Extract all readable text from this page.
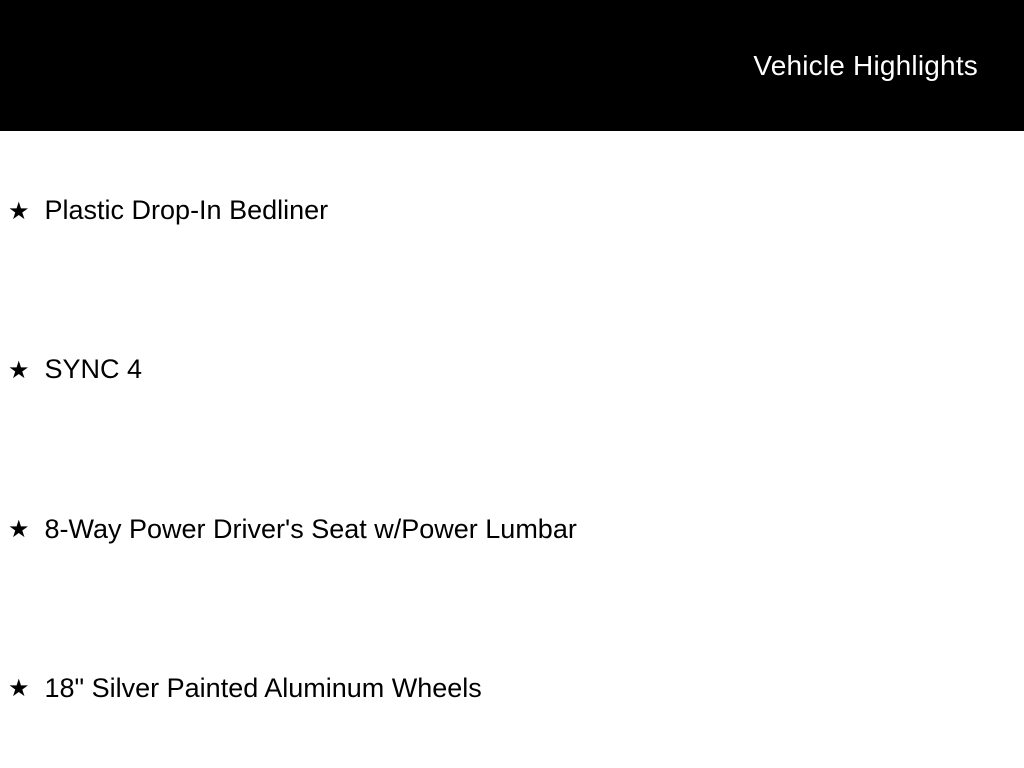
Vehicle Highlights
★ Plastic Drop-In Bedliner
★ SYNC 4
★ 8-Way Power Driver's Seat w/Power Lumbar
★ 18" Silver Painted Aluminum Wheels
